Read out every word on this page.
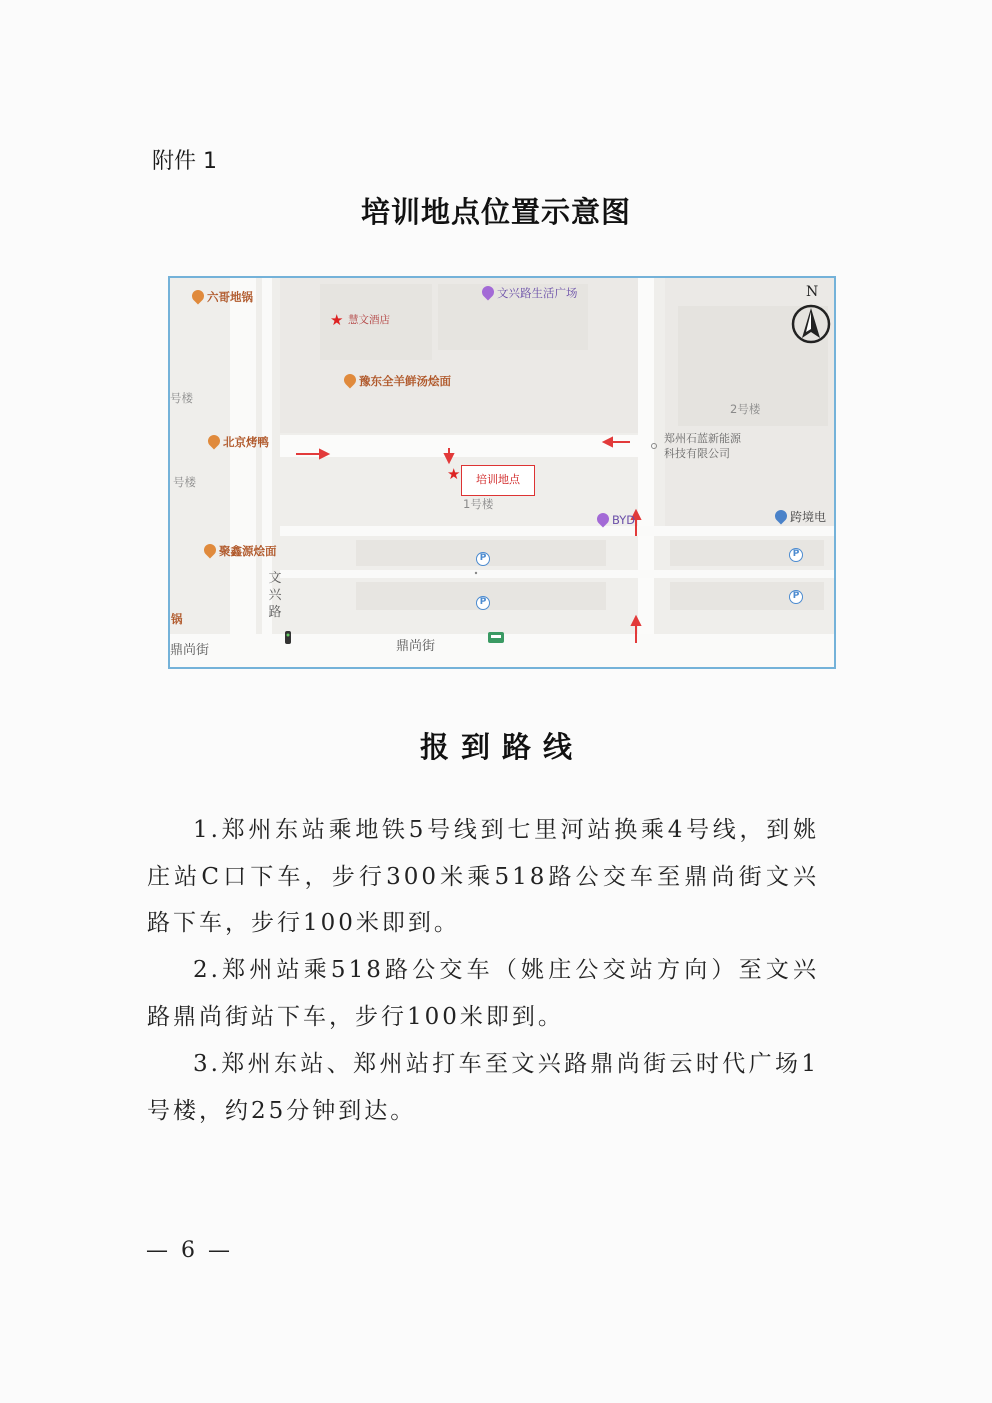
附件 1
培训地点位置示意图
★
★
N
六哥地锅	文兴路生活广场
慧文酒店
豫东全羊鲜汤烩面
北京烤鸭
聚鑫源烩面
2号楼
郑州石蓝新能源
科技有限公司
号楼
号楼	培训地点
1号楼
BYD	跨境电
P
P
P
P
文兴路
锅
鼎尚街	鼎尚街
报到路线
1.郑州东站乘地铁5号线到七里河站换乘4号线，到姚庄站C口下车，步行300米乘518路公交车至鼎尚街文兴路下车，步行100米即到。
2.郑州站乘518路公交车（姚庄公交站方向）至文兴路鼎尚街站下车，步行100米即到。
3.郑州东站、郑州站打车至文兴路鼎尚街云时代广场1号楼，约25分钟到达。
— 6 —
